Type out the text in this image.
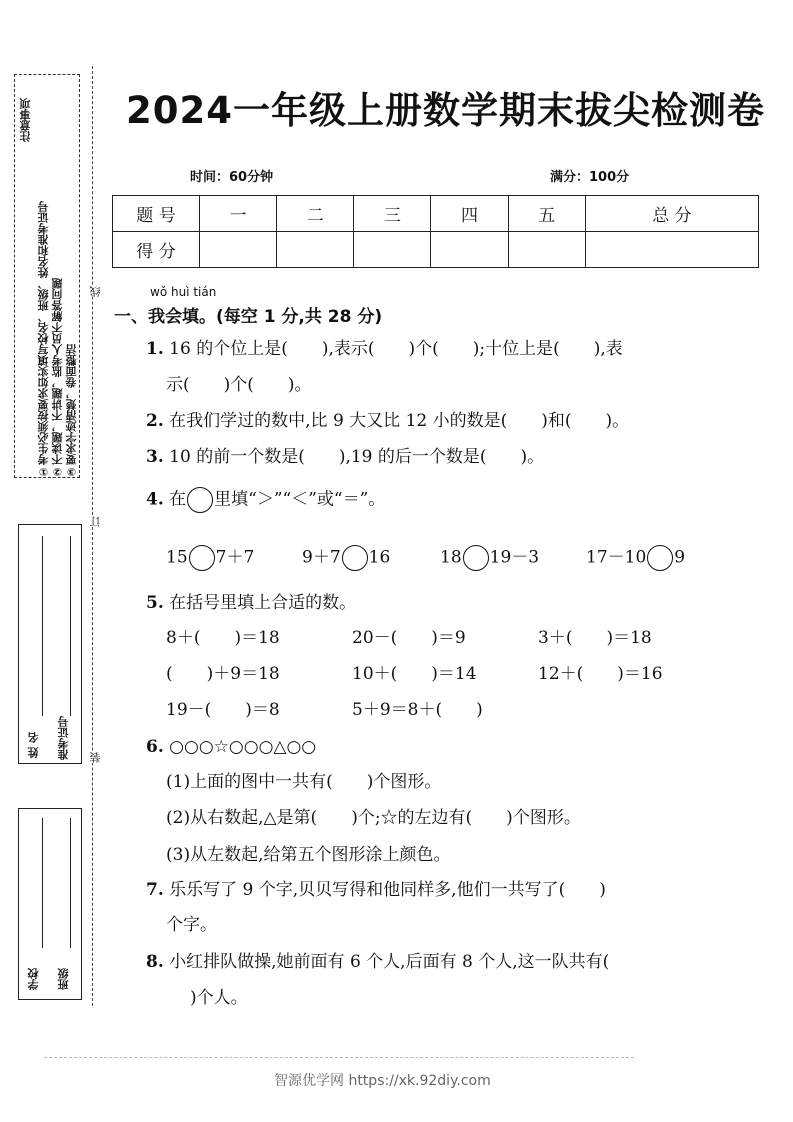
注意事项
①考生必须按要求如实填写校名、班级、姓名和准考证号 ②不读题，不讲题，监考人员不解答问题 ③要求字迹清楚，卷面整洁
线
订
装
姓 名 准考证号
学校 班级
2024一年级上册数学期末拔尖检测卷
时间：60分钟	满分：100分
题 号	一	二	三	四	五	总 分
得 分						
wǒ huì tián
一、我会填。(每空 1 分,共 28 分)
1. 16 的个位上是(　　),表示(　　)个(　　);十位上是(　　),表
示(　　)个(　　)。
2. 在我们学过的数中,比 9 大又比 12 小的数是(　　)和(　　)。
3. 10 的前一个数是(　　),19 的后一个数是(　　)。
4. 在 里填“＞”“＜”或“＝”。
15 7＋7	9＋7 16	18 19－3	17－10 9
5. 在括号里填上合适的数。
8＋(　　)＝18	20－(　　)＝9	3＋(　　)＝18
(　　)＋9＝18	10＋(　　)＝14	12＋(　　)＝16
19－(　　)＝8	5＋9＝8＋(　　)
6. ○○○☆○○○△○○
(1)上面的图中一共有(　　)个图形。
(2)从右数起,△是第(　　)个;☆的左边有(　　)个图形。
(3)从左数起,给第五个图形涂上颜色。
7. 乐乐写了 9 个字,贝贝写得和他同样多,他们一共写了(　　)
个字。
8. 小红排队做操,她前面有 6 个人,后面有 8 个人,这一队共有(
)个人。
智源优学网 https://xk.92diy.com
